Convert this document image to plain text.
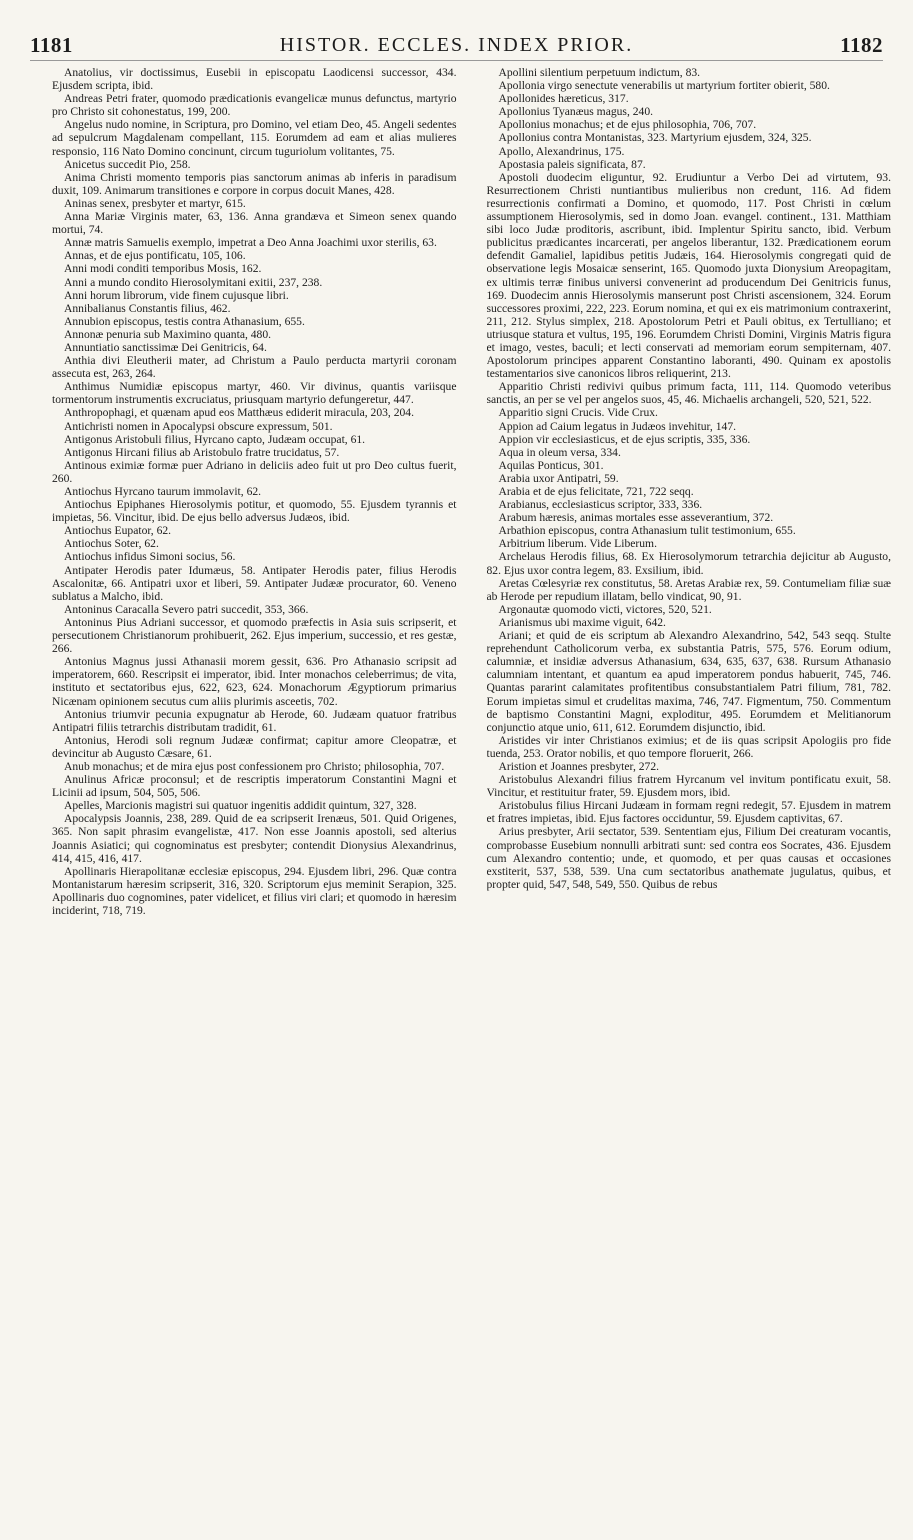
1181	HISTOR. ECCLES. INDEX PRIOR.	1182

Anatolius, vir doctissimus, Eusebii in episcopatu Laodicensi successor, 434. Ejusdem scripta, ibid.

Andreas Petri frater, quomodo prædicationis evangelicæ munus defunctus, martyrio pro Christo sit cohonestatus, 199, 200.

Angelus nudo nomine, in Scriptura, pro Domino, vel etiam Deo, 45. Angeli sedentes ad sepulcrum Magdalenam compellant, 115. Eorumdem ad eam et alias mulieres responsio, 116 Nato Domino concinunt, circum tuguriolum volitantes, 75.

Anicetus succedit Pio, 258.

Anima Christi momento temporis pias sanctorum animas ab inferis in paradisum duxit, 109. Animarum transitiones e corpore in corpus docuit Manes, 428.

Aninas senex, presbyter et martyr, 615.

Anna Mariæ Virginis mater, 63, 136. Anna grandæva et Simeon senex quando mortui, 74.

Annæ matris Samuelis exemplo, impetrat a Deo Anna Joachimi uxor sterilis, 63.

Annas, et de ejus pontificatu, 105, 106.

Anni modi conditi temporibus Mosis, 162.

Anni a mundo condito Hierosolymitani exitii, 237, 238.

Anni horum librorum, vide finem cujusque libri.

Annibalianus Constantis filius, 462.

Annubion episcopus, testis contra Athanasium, 655.

Annonæ penuria sub Maximino quanta, 480.

Annuntiatio sanctissimæ Dei Genitricis, 64.

Anthia divi Eleutherii mater, ad Christum a Paulo perducta martyrii coronam assecuta est, 263, 264.

Anthimus Numidiæ episcopus martyr, 460. Vir divinus, quantis variisque tormentorum instrumentis excruciatus, priusquam martyrio defungeretur, 447.

Anthropophagi, et quænam apud eos Matthæus ediderit miracula, 203, 204.

Antichristi nomen in Apocalypsi obscure expressum, 501.

Antigonus Aristobuli filius, Hyrcano capto, Judæam occupat, 61.

Antigonus Hircani filius ab Aristobulo fratre trucidatus, 57.

Antinous eximiæ formæ puer Adriano in deliciis adeo fuit ut pro Deo cultus fuerit, 260.

Antiochus Hyrcano taurum immolavit, 62.

Antiochus Epiphanes Hierosolymis potitur, et quomodo, 55. Ejusdem tyrannis et impietas, 56. Vincitur, ibid. De ejus bello adversus Judæos, ibid.

Antiochus Eupator, 62.

Antiochus Soter, 62.

Antiochus infidus Simoni socius, 56.

Antipater Herodis pater Idumæus, 58. Antipater Herodis pater, filius Herodis Ascalonitæ, 66. Antipatri uxor et liberi, 59. Antipater Judææ procurator, 60. Veneno sublatus a Malcho, ibid.

Antoninus Caracalla Severo patri succedit, 353, 366.

Antoninus Pius Adriani successor, et quomodo præfectis in Asia suis scripserit, et persecutionem Christianorum prohibuerit, 262. Ejus imperium, successio, et res gestæ, 266.

Antonius Magnus jussi Athanasii morem gessit, 636. Pro Athanasio scripsit ad imperatorem, 660. Rescripsit ei imperator, ibid. Inter monachos celeberrimus; de vita, instituto et sectatoribus ejus, 622, 623, 624. Monachorum Ægyptiorum primarius Nicænam opinionem secutus cum aliis plurimis asceetis, 702.

Antonius triumvir pecunia expugnatur ab Herode, 60. Judæam quatuor fratribus Antipatri filiis tetrarchis distributam tradidit, 61.

Antonius, Herodi soli regnum Judææ confirmat; capitur amore Cleopatræ, et devincitur ab Augusto Cæsare, 61.

Anub monachus; et de mira ejus post confessionem pro Christo; philosophia, 707.

Anulinus Africæ proconsul; et de rescriptis imperatorum Constantini Magni et Licinii ad ipsum, 504, 505, 506.

Apelles, Marcionis magistri sui quatuor ingenitis addidit quintum, 327, 328.

Apocalypsis Joannis, 238, 289. Quid de ea scripserit Irenæus, 501. Quid Origenes, 365. Non sapit phrasim evangelistæ, 417. Non esse Joannis apostoli, sed alterius Joannis Asiatici; qui cognominatus est presbyter; contendit Dionysius Alexandrinus, 414, 415, 416, 417.

Apollinaris Hierapolitanæ ecclesiæ episcopus, 294. Ejusdem libri, 296. Quæ contra Montanistarum hæresim scripserit, 316, 320. Scriptorum ejus meminit Serapion, 325. Apollinaris duo cognomines, pater videlicet, et filius viri clari; et quomodo in hæresim inciderint, 718, 719.

Apollini silentium perpetuum indictum, 83.

Apollonia virgo senectute venerabilis ut martyrium fortiter obierit, 580.

Apollonides hæreticus, 317.

Apollonius Tyanæus magus, 240.

Apollonius monachus; et de ejus philosophia, 706, 707.

Apollonius contra Montanistas, 323. Martyrium ejusdem, 324, 325.

Apollo, Alexandrinus, 175.

Apostasia paleis significata, 87.

Apostoli duodecim eliguntur, 92. Erudiuntur a Verbo Dei ad virtutem, 93. Resurrectionem Christi nuntiantibus mulieribus non credunt, 116. Ad fidem resurrectionis confirmati a Domino, et quomodo, 117. Post Christi in cœlum assumptionem Hierosolymis, sed in domo Joan. evangel. continent., 131. Matthiam sibi loco Judæ proditoris, ascribunt, ibid. Implentur Spiritu sancto, ibid. Verbum publicitus prædicantes incarcerati, per angelos liberantur, 132. Prædicationem eorum defendit Gamaliel, lapidibus petitis Judæis, 164. Hierosolymis congregati quid de observatione legis Mosaicæ senserint, 165. Quomodo juxta Dionysium Areopagitam, ex ultimis terræ finibus universi convenerint ad producendum Dei Genitricis funus, 169. Duodecim annis Hierosolymis manserunt post Christi ascensionem, 324. Eorum successores proximi, 222, 223. Eorum nomina, et qui ex eis matrimonium contraxerint, 211, 212. Stylus simplex, 218. Apostolorum Petri et Pauli obitus, ex Tertulliano; et utriusque statura et vultus, 195, 196. Eorumdem Christi Domini, Virginis Matris figura et imago, vestes, baculi; et lecti conservati ad memoriam eorum sempiternam, 407. Apostolorum principes apparent Constantino laboranti, 490. Quinam ex apostolis testamentarios sive canonicos libros reliquerint, 213.

Apparitio Christi redivivi quibus primum facta, 111, 114. Quomodo veteribus sanctis, an per se vel per angelos suos, 45, 46. Michaelis archangeli, 520, 521, 522.

Apparitio signi Crucis. Vide Crux.

Appion ad Caium legatus in Judæos invehitur, 147.

Appion vir ecclesiasticus, et de ejus scriptis, 335, 336.

Aqua in oleum versa, 334.

Aquilas Ponticus, 301.

Arabia uxor Antipatri, 59.

Arabia et de ejus felicitate, 721, 722 seqq.

Arabianus, ecclesiasticus scriptor, 333, 336.

Arabum hæresis, animas mortales esse asseverantium, 372.

Arbathion episcopus, contra Athanasium tulit testimonium, 655.

Arbitrium liberum. Vide Liberum.

Archelaus Herodis filius, 68. Ex Hierosolymorum tetrarchia dejicitur ab Augusto, 82. Ejus uxor contra legem, 83. Exsilium, ibid.

Aretas Cœlesyriæ rex constitutus, 58. Aretas Arabiæ rex, 59. Contumeliam filiæ suæ ab Herode per repudium illatam, bello vindicat, 90, 91.

Argonautæ quomodo victi, victores, 520, 521.

Arianismus ubi maxime viguit, 642.

Ariani; et quid de eis scriptum ab Alexandro Alexandrino, 542, 543 seqq. Stulte reprehendunt Catholicorum verba, ex substantia Patris, 575, 576. Eorum odium, calumniæ, et insidiæ adversus Athanasium, 634, 635, 637, 638. Rursum Athanasio calumniam intentant, et quantum ea apud imperatorem pondus habuerit, 745, 746. Quantas pararint calamitates profitentibus consubstantialem Patri filium, 781, 782. Eorum impietas simul et crudelitas maxima, 746, 747. Figmentum, 750. Commentum de baptismo Constantini Magni, exploditur, 495. Eorumdem et Melitianorum conjunctio atque unio, 611, 612. Eorumdem disjunctio, ibid.

Aristides vir inter Christianos eximius; et de iis quas scripsit Apologiis pro fide tuenda, 253. Orator nobilis, et quo tempore floruerit, 266.

Aristion et Joannes presbyter, 272.

Aristobulus Alexandri filius fratrem Hyrcanum vel invitum pontificatu exuit, 58. Vincitur, et restituitur frater, 59. Ejusdem mors, ibid.

Aristobulus filius Hircani Judæam in formam regni redegit, 57. Ejusdem in matrem et fratres impietas, ibid. Ejus factores occiduntur, 59. Ejusdem captivitas, 67.

Arius presbyter, Arii sectator, 539. Sententiam ejus, Filium Dei creaturam vocantis, comprobasse Eusebium nonnulli arbitrati sunt: sed contra eos Socrates, 436. Ejusdem cum Alexandro contentio; unde, et quomodo, et per quas causas et occasiones exstiterit, 537, 538, 539. Una cum sectatoribus anathemate jugulatus, quibus, et propter quid, 547, 548, 549, 550. Quibus de rebus
